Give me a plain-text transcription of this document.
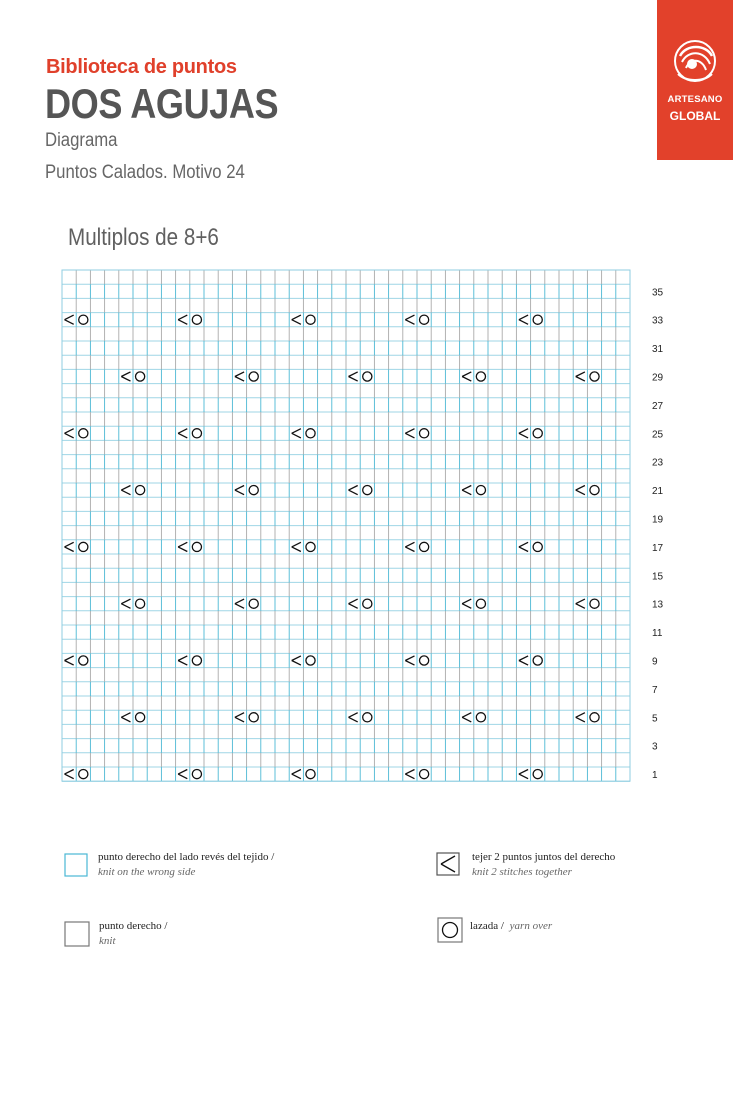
Biblioteca de puntos
DOS AGUJAS
Diagrama
Puntos Calados. Motivo 24
ARTESANO
GLOBAL
Multiplos de 8+6
1
3
5
7
9
11
13
15
17
19
21
23
25
27
29
31
33
35
punto derecho del lado revés del tejido /
knit on the wrong side
tejer 2 puntos juntos del derecho
knit 2 stitches together
punto derecho /
knit
lazada / yarn over
